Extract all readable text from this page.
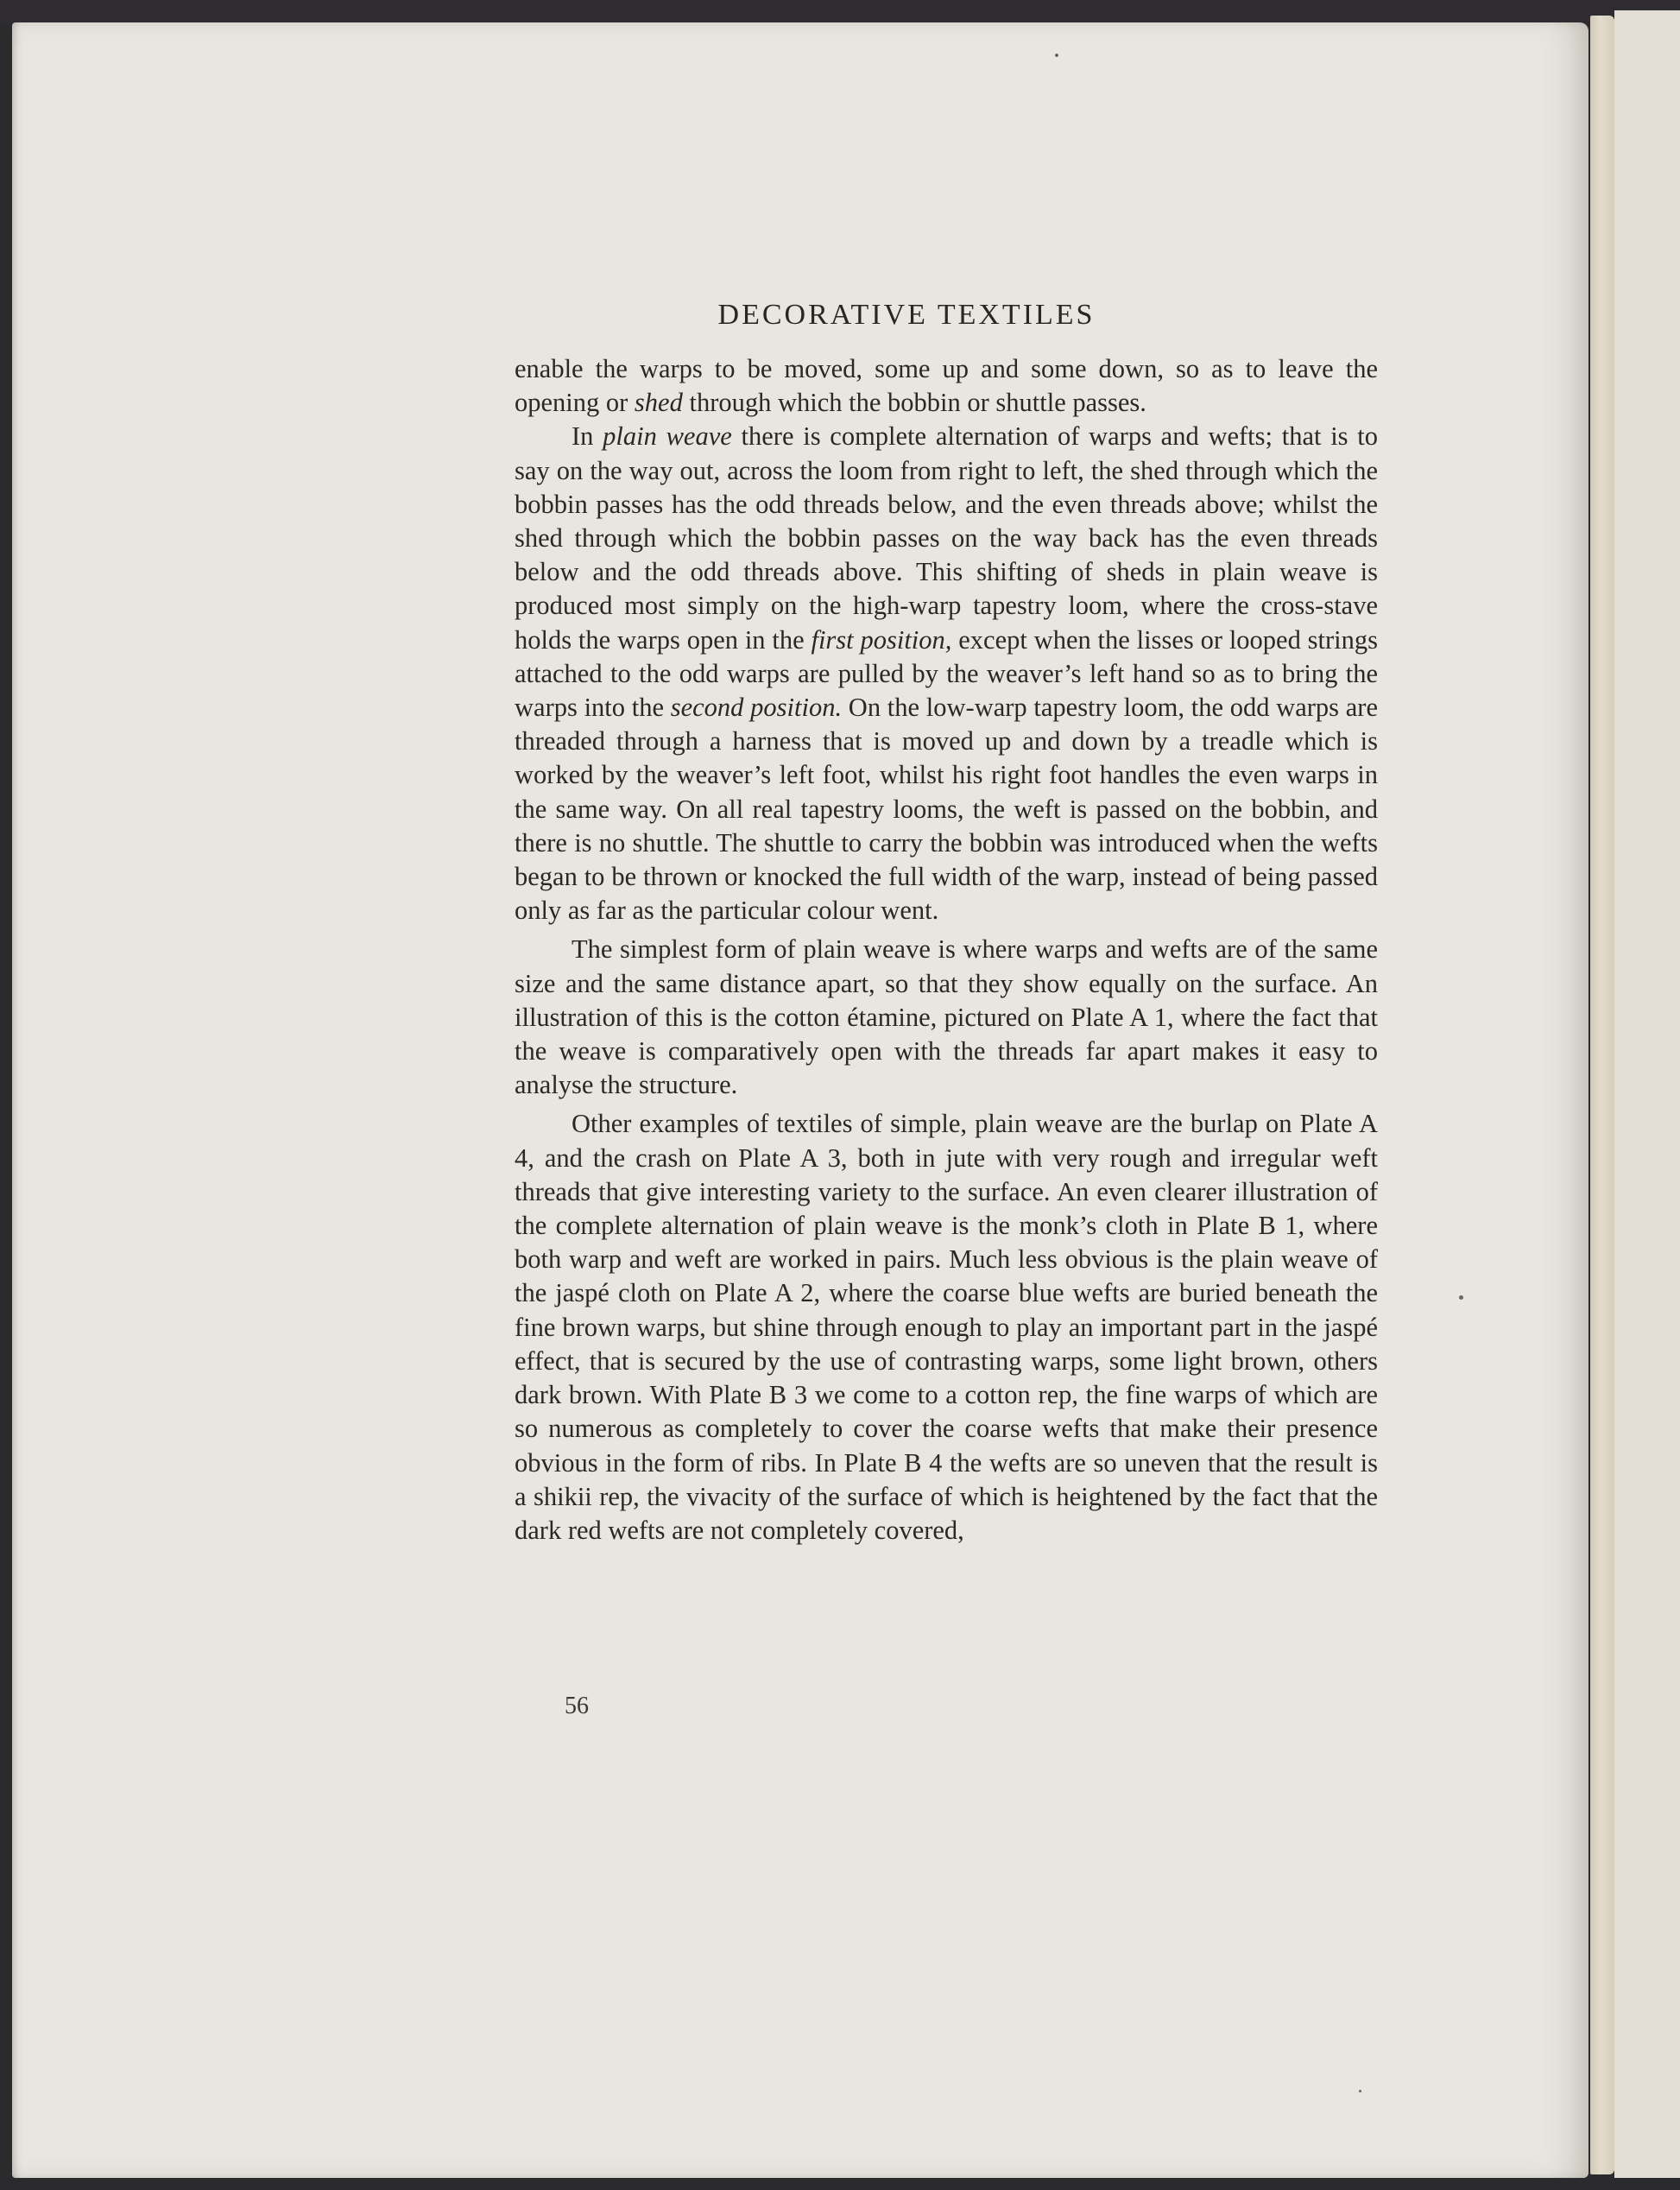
DECORATIVE TEXTILES

enable the warps to be moved, some up and some down, so as to leave the opening or shed through which the bobbin or shuttle passes.

In plain weave there is complete alternation of warps and wefts; that is to say on the way out, across the loom from right to left, the shed through which the bobbin passes has the odd threads below, and the even threads above; whilst the shed through which the bobbin passes on the way back has the even threads below and the odd threads above. This shifting of sheds in plain weave is produced most simply on the high-warp tapestry loom, where the cross-stave holds the warps open in the first position, except when the lisses or looped strings attached to the odd warps are pulled by the weaver’s left hand so as to bring the warps into the second position. On the low-warp tapestry loom, the odd warps are threaded through a harness that is moved up and down by a treadle which is worked by the weaver’s left foot, whilst his right foot handles the even warps in the same way. On all real tapestry looms, the weft is passed on the bobbin, and there is no shuttle. The shuttle to carry the bobbin was introduced when the wefts began to be thrown or knocked the full width of the warp, instead of being passed only as far as the particular colour went.

The simplest form of plain weave is where warps and wefts are of the same size and the same distance apart, so that they show equally on the surface. An illustration of this is the cotton étamine, pictured on Plate A 1, where the fact that the weave is comparatively open with the threads far apart makes it easy to analyse the structure.

Other examples of textiles of simple, plain weave are the burlap on Plate A 4, and the crash on Plate A 3, both in jute with very rough and irregular weft threads that give interesting variety to the surface. An even clearer illustration of the complete alternation of plain weave is the monk’s cloth in Plate B 1, where both warp and weft are worked in pairs. Much less obvious is the plain weave of the jaspé cloth on Plate A 2, where the coarse blue wefts are buried beneath the fine brown warps, but shine through enough to play an important part in the jaspé effect, that is secured by the use of contrasting warps, some light brown, others dark brown. With Plate B 3 we come to a cotton rep, the fine warps of which are so numerous as completely to cover the coarse wefts that make their presence obvious in the form of ribs. In Plate B 4 the wefts are so uneven that the result is a shikii rep, the vivacity of the surface of which is heightened by the fact that the dark red wefts are not completely covered,

56
